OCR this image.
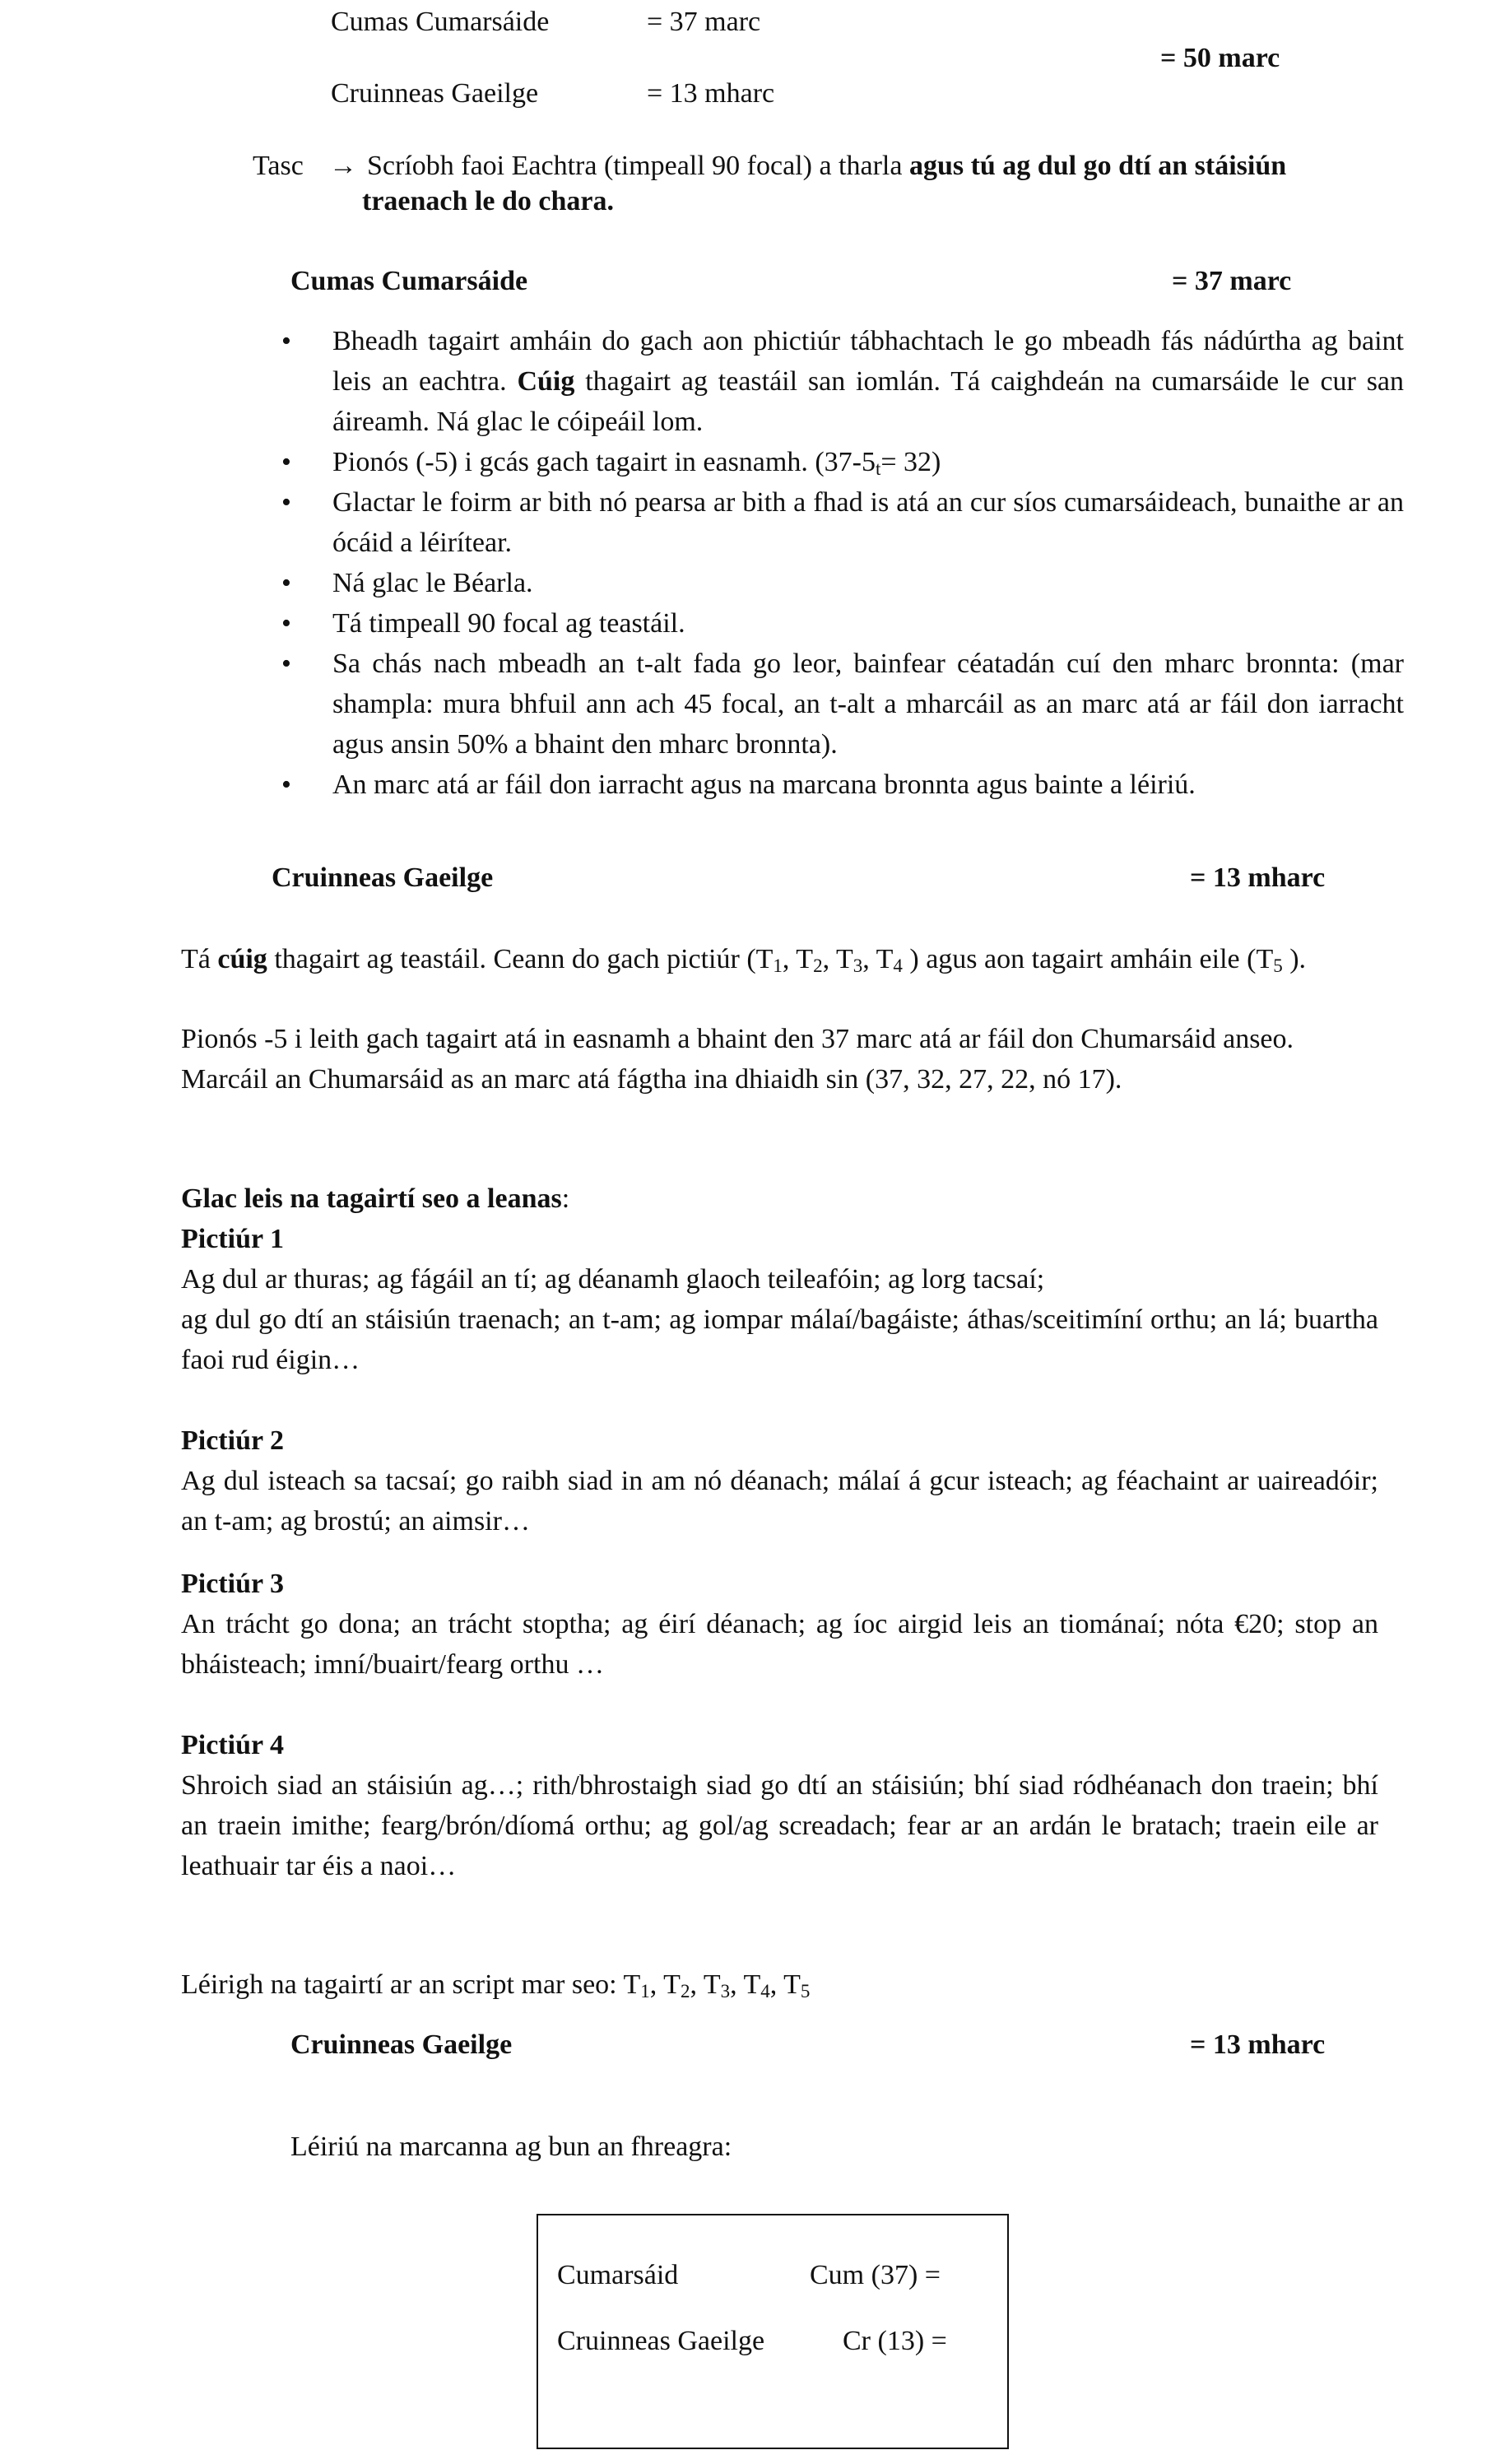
Cumas Cumarsáide	= 37 marc
Cruinneas Gaeilge	= 13 mharc
= 50 marc
Tasc → Scríobh faoi Eachtra (timpeall 90 focal) a tharla agus tú ag dul go dtí an stáisiún
traenach le do chara.
Cumas Cumarsáide	= 37 marc
• Bheadh tagairt amháin do gach aon phictiúr tábhachtach le go mbeadh fás nádúrtha ag baint leis an eachtra. Cúig thagairt ag teastáil san iomlán. Tá caighdeán na cumarsáide le cur san áireamh. Ná glac le cóipeáil lom.
• Pionós (-5) i gcás gach tagairt in easnamh. $(37-5_t= 32)$
• Glactar le foirm ar bith nó pearsa ar bith a fhad is atá an cur síos cumarsáideach, bunaithe ar an ócáid a léirítear.
• Ná glac le Béarla.
• Tá timpeall 90 focal ag teastáil.
• Sa chás nach mbeadh an t-alt fada go leor, bainfear céatadán cuí den mharc bronnta: (mar shampla: mura bhfuil ann ach 45 focal, an t-alt a mharcáil as an marc atá ar fáil don iarracht agus ansin 50% a bhaint den mharc bronnta).
• An marc atá ar fáil don iarracht agus na marcana bronnta agus bainte a léiriú.
Cruinneas Gaeilge	= 13 mharc
Tá cúig thagairt ag teastáil. Ceann do gach pictiúr ($T_1$, $T_2$, $T_3$, $T_4$ ) agus aon tagairt amháin eile ($T_5$ ).

Pionós -5 i leith gach tagairt atá in easnamh a bhaint den 37 marc atá ar fáil don Chumarsáid anseo.

Marcáil an Chumarsáid as an marc atá fágtha ina dhiaidh sin (37, 32, 27, 22, nó 17).

Glac leis na tagairtí seo a leanas:

Pictiúr 1

Ag dul ar thuras; ag fágáil an tí; ag déanamh glaoch teileafóin; ag lorg tacsaí;

ag dul go dtí an stáisiún traenach; an t-am; ag iompar málaí/bagáiste; áthas/sceitimíní orthu; an lá; buartha faoi rud éigin…

Pictiúr 2

Ag dul isteach sa tacsaí; go raibh siad in am nó déanach; málaí á gcur isteach; ag féachaint ar uaireadóir; an t-am; ag brostú; an aimsir…

Pictiúr 3

An trácht go dona; an trácht stoptha; ag éirí déanach; ag íoc airgid leis an tiománaí; nóta €20; stop an bháisteach; imní/buairt/fearg orthu …

Pictiúr 4

Shroich siad an stáisiún ag…; rith/bhrostaigh siad go dtí an stáisiún; bhí siad ródhéanach don traein; bhí an traein imithe; fearg/brón/díomá orthu; ag gol/ag screadach; fear ar an ardán le bratach; traein eile ar leathuair tar éis a naoi…

Léirigh na tagairtí ar an script mar seo: $T_1$, $T_2$, $T_3$, $T_4$, $T_5$
Cruinneas Gaeilge	= 13 mharc
Léiriú na marcanna ag bun an fhreagra:
Cumarsáid	Cum (37) =
Cruinneas Gaeilge	Cr (13) =
